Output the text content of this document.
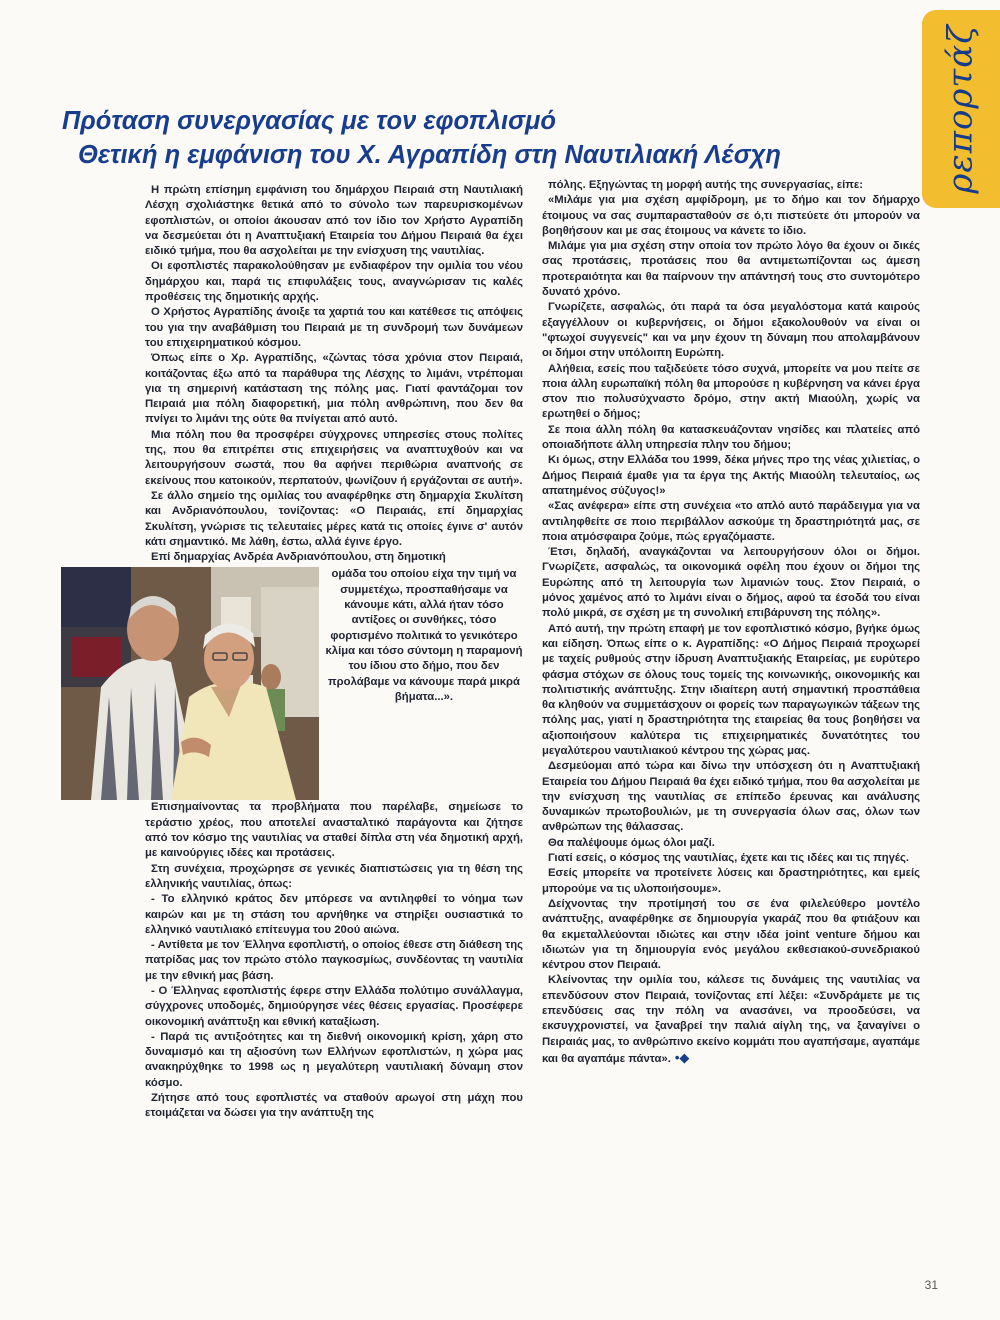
ρεπορτάζ
Πρόταση συνεργασίας με τον εφοπλισμό
Θετική η εμφάνιση του Χ. Αγραπίδη στη Ναυτιλιακή Λέσχη

Η πρώτη επίσημη εμφάνιση του δημάρχου Πειραιά στη Ναυτιλιακή Λέσχη σχολιάστηκε θετικά από το σύνολο των παρευρισκομένων εφοπλιστών, οι οποίοι άκουσαν από τον ίδιο τον Χρήστο Αγραπίδη να δεσμεύεται ότι η Αναπτυξιακή Εταιρεία του Δήμου Πειραιά θα έχει ειδικό τμήμα, που θα ασχολείται με την ενίσχυση της ναυτιλίας.

Οι εφοπλιστές παρακολούθησαν με ενδιαφέρον την ομιλία του νέου δημάρχου και, παρά τις επιφυλάξεις τους, αναγνώρισαν τις καλές προθέσεις της δημοτικής αρχής.

Ο Χρήστος Αγραπίδης άνοιξε τα χαρτιά του και κατέθεσε τις απόψεις του για την αναβάθμιση του Πειραιά με τη συνδρομή των δυνάμεων του επιχειρηματικού κόσμου.

Όπως είπε ο Χρ. Αγραπίδης, «ζώντας τόσα χρόνια στον Πειραιά, κοιτάζοντας έξω από τα παράθυρα της Λέσχης το λιμάνι, ντρέπομαι για τη σημερινή κατάσταση της πόλης μας. Γιατί φαντάζομαι τον Πειραιά μια πόλη διαφορετική, μια πόλη ανθρώπινη, που δεν θα πνίγει το λιμάνι της ούτε θα πνίγεται από αυτό.

Μια πόλη που θα προσφέρει σύγχρονες υπηρεσίες στους πολίτες της, που θα επιτρέπει στις επιχειρήσεις να αναπτυχθούν και να λειτουργήσουν σωστά, που θα αφήνει περιθώρια αναπνοής σε εκείνους που κατοικούν, περπατούν, ψωνίζουν ή εργάζονται σε αυτή».

Σε άλλο σημείο της ομιλίας του αναφέρθηκε στη δημαρχία Σκυλίτση και Ανδριανόπουλου, τονίζοντας: «Ο Πειραιάς, επί δημαρχίας Σκυλίτση, γνώρισε τις τελευταίες μέρες κατά τις οποίες έγινε σ' αυτόν κάτι σημαντικό. Με λάθη, έστω, αλλά έγινε έργο.

Επί δημαρχίας Ανδρέα Ανδριανόπουλου, στη δημοτική

ομάδα του οποίου είχα την τιμή να συμμετέχω, προσπαθήσαμε να κάνουμε κάτι, αλλά ήταν τόσο αντίξοες οι συνθήκες, τόσο φορτισμένο πολιτικά το γενικότερο κλίμα και τόσο σύντομη η παραμονή του ίδιου στο δήμο, που δεν προλάβαμε να κάνουμε παρά μικρά βήματα...».

Επισημαίνοντας τα προβλήματα που παρέλαβε, σημείωσε το τεράστιο χρέος, που αποτελεί ανασταλτικό παράγοντα και ζήτησε από τον κόσμο της ναυτιλίας να σταθεί δίπλα στη νέα δημοτική αρχή, με καινούργιες ιδέες και προτάσεις.

Στη συνέχεια, προχώρησε σε γενικές διαπιστώσεις για τη θέση της ελληνικής ναυτιλίας, όπως:

- Το ελληνικό κράτος δεν μπόρεσε να αντιληφθεί το νόημα των καιρών και με τη στάση του αρνήθηκε να στηρίξει ουσιαστικά το ελληνικό ναυτιλιακό επίτευγμα του 20ού αιώνα.

- Αντίθετα με τον Έλληνα εφοπλιστή, ο οποίος έθεσε στη διάθεση της πατρίδας μας τον πρώτο στόλο παγκοσμίως, συνδέοντας τη ναυτιλία με την εθνική μας βάση.

- Ο Έλληνας εφοπλιστής έφερε στην Ελλάδα πολύτιμο συνάλλαγμα, σύγχρονες υποδομές, δημιούργησε νέες θέσεις εργασίας. Προσέφερε οικονομική ανάπτυξη και εθνική καταξίωση.

- Παρά τις αντιξοότητες και τη διεθνή οικονομική κρίση, χάρη στο δυναμισμό και τη αξιοσύνη των Ελλήνων εφοπλιστών, η χώρα μας ανακηρύχθηκε το 1998 ως η μεγαλύτερη ναυτιλιακή δύναμη στον κόσμο.

Ζήτησε από τους εφοπλιστές να σταθούν αρωγοί στη μάχη που ετοιμάζεται να δώσει για την ανάπτυξη της

πόλης. Εξηγώντας τη μορφή αυτής της συνεργασίας, είπε:

«Μιλάμε για μια σχέση αμφίδρομη, με το δήμο και τον δήμαρχο έτοιμους να σας συμπαρασταθούν σε ό,τι πιστεύετε ότι μπορούν να βοηθήσουν και με σας έτοιμους να κάνετε το ίδιο.

Μιλάμε για μια σχέση στην οποία τον πρώτο λόγο θα έχουν οι δικές σας προτάσεις, προτάσεις που θα αντιμετωπίζονται ως άμεση προτεραιότητα και θα παίρνουν την απάντησή τους στο συντομότερο δυνατό χρόνο.

Γνωρίζετε, ασφαλώς, ότι παρά τα όσα μεγαλόστομα κατά καιρούς εξαγγέλλουν οι κυβερνήσεις, οι δήμοι εξακολουθούν να είναι οι "φτωχοί συγγενείς" και να μην έχουν τη δύναμη που απολαμβάνουν οι δήμοι στην υπόλοιπη Ευρώπη.

Αλήθεια, εσείς που ταξιδεύετε τόσο συχνά, μπορείτε να μου πείτε σε ποια άλλη ευρωπαϊκή πόλη θα μπορούσε η κυβέρνηση να κάνει έργα στον πιο πολυσύχναστο δρόμο, στην ακτή Μιαούλη, χωρίς να ερωτηθεί ο δήμος;

Σε ποια άλλη πόλη θα κατασκευάζονταν νησίδες και πλατείες από οποιαδήποτε άλλη υπηρεσία πλην του δήμου;

Κι όμως, στην Ελλάδα του 1999, δέκα μήνες προ της νέας χιλιετίας, ο Δήμος Πειραιά έμαθε για τα έργα της Ακτής Μιαούλη τελευταίος, ως απατημένος σύζυγος!»

«Σας ανέφερα» είπε στη συνέχεια «το απλό αυτό παράδειγμα για να αντιληφθείτε σε ποιο περιβάλλον ασκούμε τη δραστηριότητά μας, σε ποια ατμόσφαιρα ζούμε, πώς εργαζόμαστε.

Έτσι, δηλαδή, αναγκάζονται να λειτουργήσουν όλοι οι δήμοι. Γνωρίζετε, ασφαλώς, τα οικονομικά οφέλη που έχουν οι δήμοι της Ευρώπης από τη λειτουργία των λιμανιών τους. Στον Πειραιά, ο μόνος χαμένος από το λιμάνι είναι ο δήμος, αφού τα έσοδά του είναι πολύ μικρά, σε σχέση με τη συνολική επιβάρυνση της πόλης».

Από αυτή, την πρώτη επαφή με τον εφοπλιστικό κόσμο, βγήκε όμως και είδηση. Όπως είπε ο κ. Αγραπίδης: «Ο Δήμος Πειραιά προχωρεί με ταχείς ρυθμούς στην ίδρυση Αναπτυξιακής Εταιρείας, με ευρύτερο φάσμα στόχων σε όλους τους τομείς της κοινωνικής, οικονομικής και πολιτιστικής ανάπτυξης. Στην ιδιαίτερη αυτή σημαντική προσπάθεια θα κληθούν να συμμετάσχουν οι φορείς των παραγωγικών τάξεων της πόλης μας, γιατί η δραστηριότητα της εταιρείας θα τους βοηθήσει να αξιοποιήσουν καλύτερα τις επιχειρηματικές δυνατότητες του μεγαλύτερου ναυτιλιακού κέντρου της χώρας μας.

Δεσμεύομαι από τώρα και δίνω την υπόσχεση ότι η Αναπτυξιακή Εταιρεία του Δήμου Πειραιά θα έχει ειδικό τμήμα, που θα ασχολείται με την ενίσχυση της ναυτιλίας σε επίπεδο έρευνας και ανάλυσης δυναμικών πρωτοβουλιών, με τη συνεργασία όλων σας, όλων των ανθρώπων της θάλασσας.

Θα παλέψουμε όμως όλοι μαζί.

Γιατί εσείς, ο κόσμος της ναυτιλίας, έχετε και τις ιδέες και τις πηγές.

Εσείς μπορείτε να προτείνετε λύσεις και δραστηριότητες, και εμείς μπορούμε να τις υλοποιήσουμε».

Δείχνοντας την προτίμησή του σε ένα φιλελεύθερο μοντέλο ανάπτυξης, αναφέρθηκε σε δημιουργία γκαράζ που θα φτιάξουν και θα εκμεταλλεύονται ιδιώτες και στην ιδέα joint venture δήμου και ιδιωτών για τη δημιουργία ενός μεγάλου εκθεσιακού-συνεδριακού κέντρου στον Πειραιά.

Κλείνοντας την ομιλία του, κάλεσε τις δυνάμεις της ναυτιλίας να επενδύσουν στον Πειραιά, τονίζοντας επί λέξει: «Συνδράμετε με τις επενδύσεις σας την πόλη να ανασάνει, να προοδεύσει, να εκσυγχρονιστεί, να ξαναβρεί την παλιά αίγλη της, να ξαναγίνει ο Πειραιάς μας, το ανθρώπινο εκείνο κομμάτι που αγαπήσαμε, αγαπάμε και θα αγαπάμε πάντα». •◆

31
